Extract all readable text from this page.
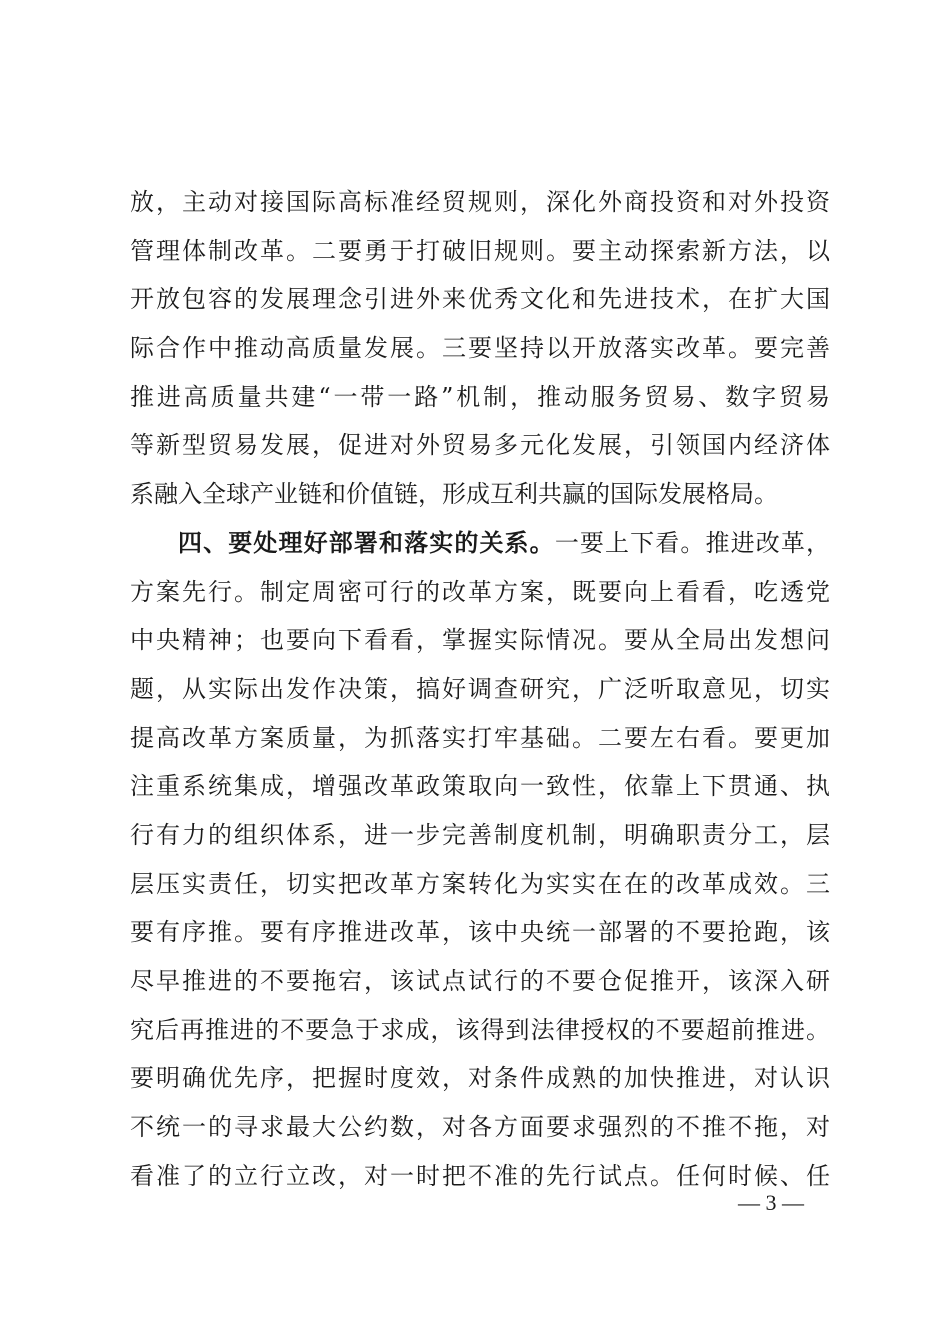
放，主动对接国际高标准经贸规则，深化外商投资和对外投资
管理体制改革。二要勇于打破旧规则。要主动探索新方法，以
开放包容的发展理念引进外来优秀文化和先进技术，在扩大国
际合作中推动高质量发展。三要坚持以开放落实改革。要完善
推进高质量共建“一带一路”机制，推动服务贸易、数字贸易
等新型贸易发展，促进对外贸易多元化发展，引领国内经济体
系融入全球产业链和价值链，形成互利共赢的国际发展格局。
四、要处理好部署和落实的关系。一要上下看。推进改革，
方案先行。制定周密可行的改革方案，既要向上看看，吃透党
中央精神；也要向下看看，掌握实际情况。要从全局出发想问
题，从实际出发作决策，搞好调查研究，广泛听取意见，切实
提高改革方案质量，为抓落实打牢基础。二要左右看。要更加
注重系统集成，增强改革政策取向一致性，依靠上下贯通、执
行有力的组织体系，进一步完善制度机制，明确职责分工，层
层压实责任，切实把改革方案转化为实实在在的改革成效。三
要有序推。要有序推进改革，该中央统一部署的不要抢跑，该
尽早推进的不要拖宕，该试点试行的不要仓促推开，该深入研
究后再推进的不要急于求成，该得到法律授权的不要超前推进。
要明确优先序，把握时度效，对条件成熟的加快推进，对认识
不统一的寻求最大公约数，对各方面要求强烈的不推不拖，对
看准了的立行立改，对一时把不准的先行试点。任何时候、任
— 3 —
